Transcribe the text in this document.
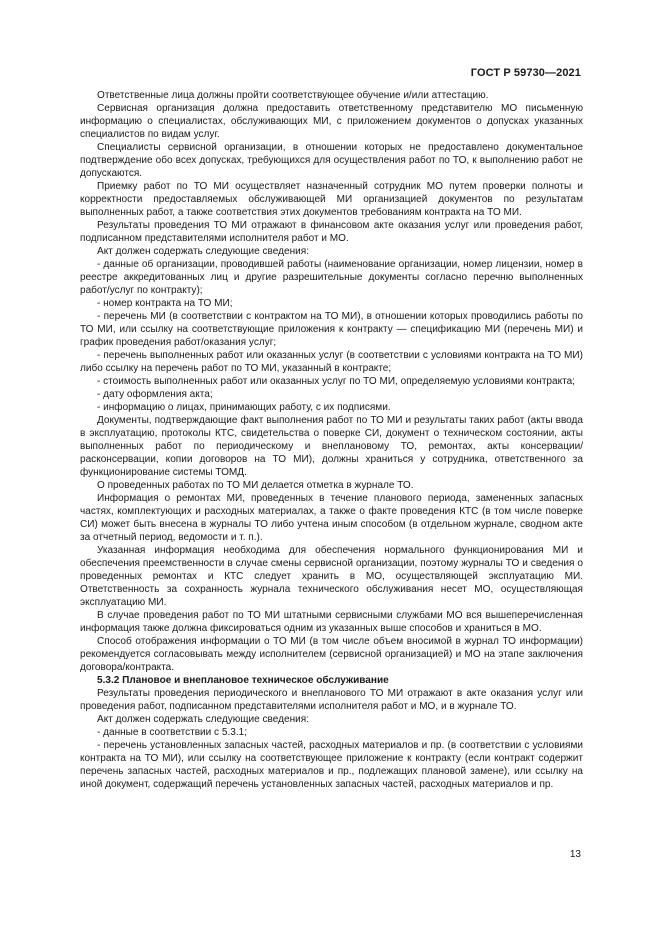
ГОСТ Р 59730—2021

Ответственные лица должны пройти соответствующее обучение и/или аттестацию.

Сервисная организация должна предоставить ответственному представителю МО письменную информацию о специалистах, обслуживающих МИ, с приложением документов о допусках указанных специалистов по видам услуг.

Специалисты сервисной организации, в отношении которых не предоставлено документальное подтверждение обо всех допусках, требующихся для осуществления работ по ТО, к выполнению работ не допускаются.

Приемку работ по ТО МИ осуществляет назначенный сотрудник МО путем проверки полноты и корректности предоставляемых обслуживающей МИ организацией документов по результатам выполненных работ, а также соответствия этих документов требованиям контракта на ТО МИ.

Результаты проведения ТО МИ отражают в финансовом акте оказания услуг или проведения работ, подписанном представителями исполнителя работ и МО.

Акт должен содержать следующие сведения:

- данные об организации, проводившей работы (наименование организации, номер лицензии, номер в реестре аккредитованных лиц и другие разрешительные документы согласно перечню выполненных работ/услуг по контракту);

- номер контракта на ТО МИ;

- перечень МИ (в соответствии с контрактом на ТО МИ), в отношении которых проводились работы по ТО МИ, или ссылку на соответствующие приложения к контракту — спецификацию МИ (перечень МИ) и график проведения работ/оказания услуг;

- перечень выполненных работ или оказанных услуг (в соответствии с условиями контракта на ТО МИ) либо ссылку на перечень работ по ТО МИ, указанный в контракте;

- стоимость выполненных работ или оказанных услуг по ТО МИ, определяемую условиями контракта;

- дату оформления акта;

- информацию о лицах, принимающих работу, с их подписями.

Документы, подтверждающие факт выполнения работ по ТО МИ и результаты таких работ (акты ввода в эксплуатацию, протоколы КТС, свидетельства о поверке СИ, документ о техническом состоянии, акты выполненных работ по периодическому и внеплановому ТО, ремонтах, акты консервации/расконсервации, копии договоров на ТО МИ), должны храниться у сотрудника, ответственного за функционирование системы ТОМД.

О проведенных работах по ТО МИ делается отметка в журнале ТО.

Информация о ремонтах МИ, проведенных в течение планового периода, замененных запасных частях, комплектующих и расходных материалах, а также о факте проведения КТС (в том числе поверке СИ) может быть внесена в журналы ТО либо учтена иным способом (в отдельном журнале, сводном акте за отчетный период, ведомости и т. п.).

Указанная информация необходима для обеспечения нормального функционирования МИ и обеспечения преемственности в случае смены сервисной организации, поэтому журналы ТО и сведения о проведенных ремонтах и КТС следует хранить в МО, осуществляющей эксплуатацию МИ. Ответственность за сохранность журнала технического обслуживания несет МО, осуществляющая эксплуатацию МИ.

В случае проведения работ по ТО МИ штатными сервисными службами МО вся вышеперечисленная информация также должна фиксироваться одним из указанных выше способов и храниться в МО.

Способ отображения информации о ТО МИ (в том числе объем вносимой в журнал ТО информации) рекомендуется согласовывать между исполнителем (сервисной организацией) и МО на этапе заключения договора/контракта.

5.3.2 Плановое и внеплановое техническое обслуживание

Результаты проведения периодического и внепланового ТО МИ отражают в акте оказания услуг или проведения работ, подписанном представителями исполнителя работ и МО, и в журнале ТО.

Акт должен содержать следующие сведения:

- данные в соответствии с 5.3.1;

- перечень установленных запасных частей, расходных материалов и пр. (в соответствии с условиями контракта на ТО МИ), или ссылку на соответствующее приложение к контракту (если контракт содержит перечень запасных частей, расходных материалов и пр., подлежащих плановой замене), или ссылку на иной документ, содержащий перечень установленных запасных частей, расходных материалов и пр.

13
